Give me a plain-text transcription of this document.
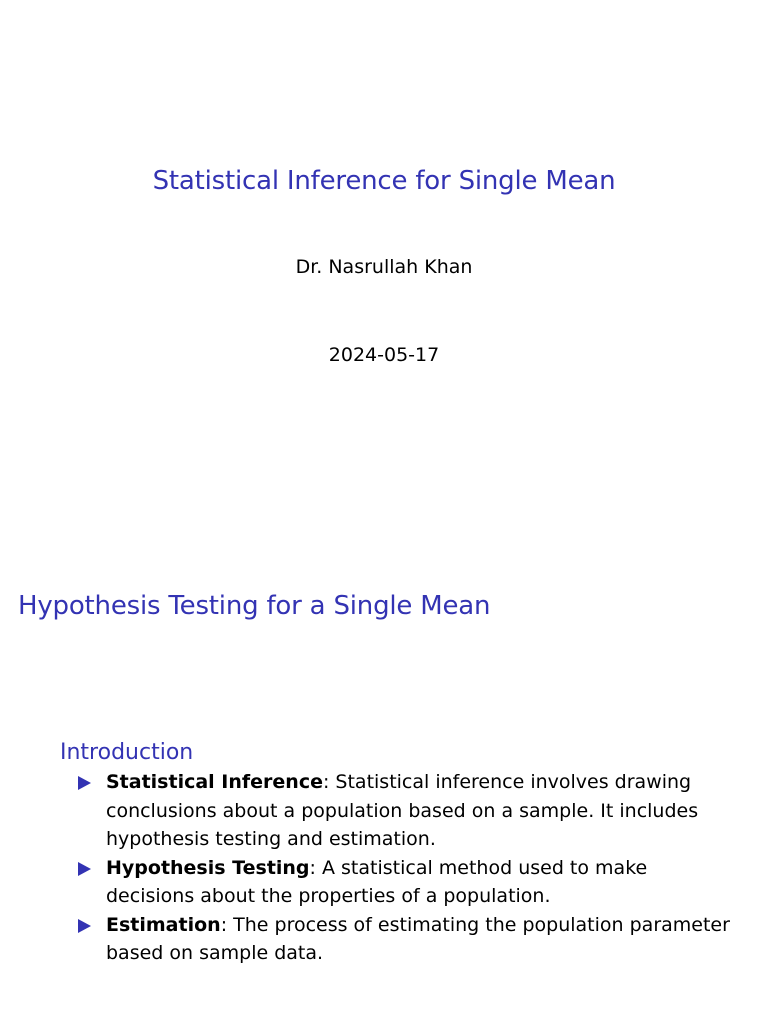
Statistical Inference for Single Mean
Dr. Nasrullah Khan
2024-05-17
Hypothesis Testing for a Single Mean
Introduction
Statistical Inference: Statistical inference involves drawing conclusions about a population based on a sample. It includes hypothesis testing and estimation.
Hypothesis Testing: A statistical method used to make decisions about the properties of a population.
Estimation: The process of estimating the population parameter based on sample data.
